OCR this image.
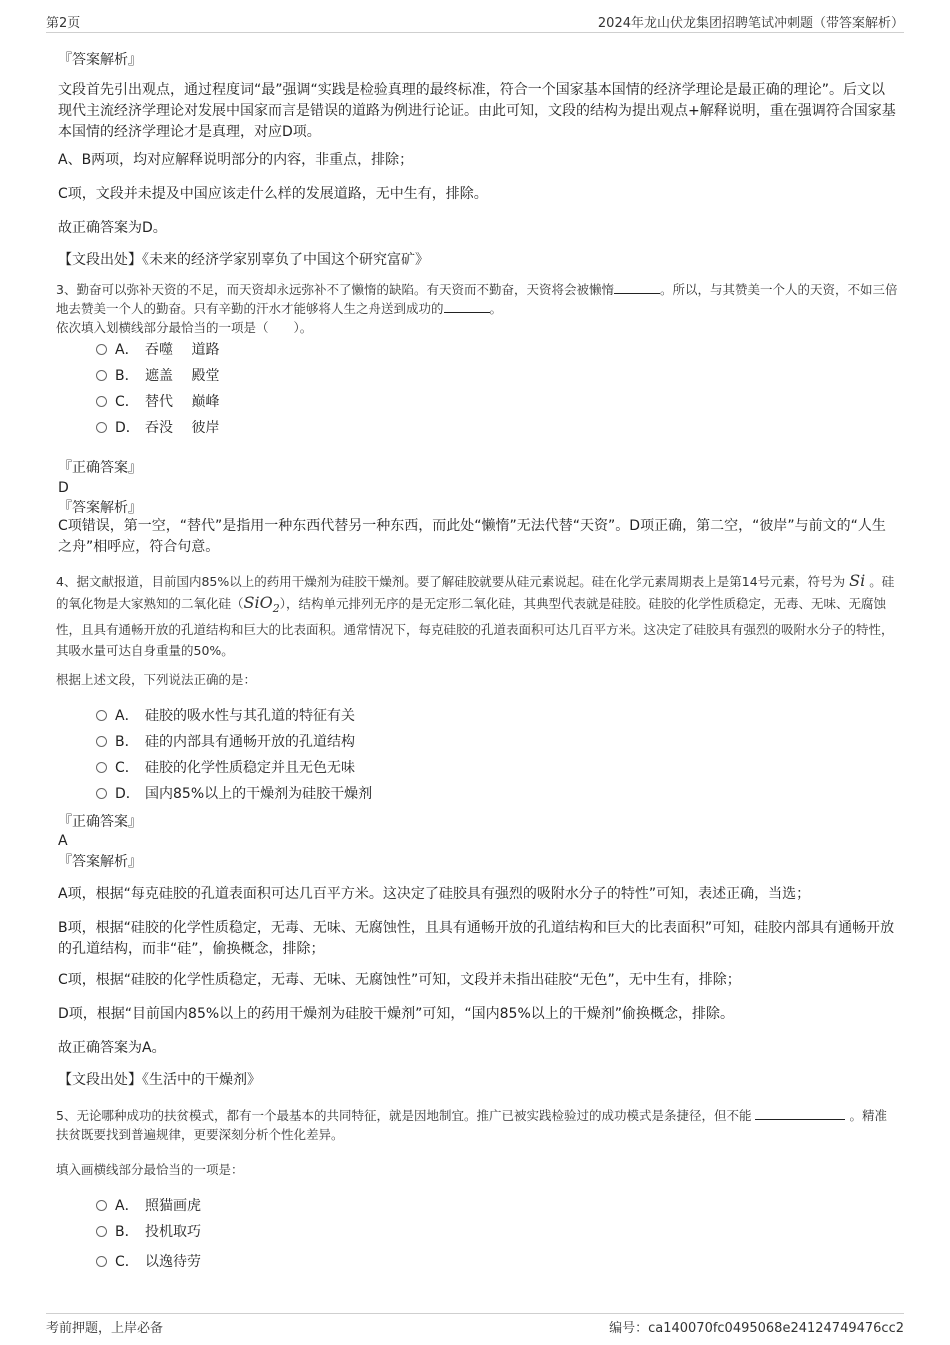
第2页	2024年龙山伏龙集团招聘笔试冲刺题（带答案解析）
『答案解析』
文段首先引出观点，通过程度词“最”强调“实践是检验真理的最终标准，符合一个国家基本国情的经济学理论是最正确的理论”。后文以现代主流经济学理论对发展中国家而言是错误的道路为例进行论证。由此可知，文段的结构为提出观点+解释说明，重在强调符合国家基本国情的经济学理论才是真理，对应D项。
A、B两项，均对应解释说明部分的内容，非重点，排除；
C项，文段并未提及中国应该走什么样的发展道路，无中生有，排除。
故正确答案为D。
【文段出处】《未来的经济学家别辜负了中国这个研究富矿》
3、勤奋可以弥补天资的不足，而天资却永远弥补不了懒惰的缺陷。有天资而不勤奋，天资将会被懒惰	。所以，与其赞美一个人的天资，不如三倍地去赞美一个人的勤奋。只有辛勤的汗水才能够将人生之舟送到成功的	。
依次填入划横线部分最恰当的一项是（　　）。
A． 吞噬　 道路
B． 遮盖　 殿堂
C． 替代　 巅峰
D． 吞没　 彼岸
『正确答案』
D
『答案解析』
C项错误，第一空，“替代”是指用一种东西代替另一种东西，而此处“懒惰”无法代替“天资”。D项正确，第二空，“彼岸”与前文的“人生之舟”相呼应，符合句意。
4、据文献报道，目前国内85%以上的药用干燥剂为硅胶干燥剂。要了解硅胶就要从硅元素说起。硅在化学元素周期表上是第14号元素，符号为 Si 。硅的氧化物是大家熟知的二氧化硅（SiO$_2$），结构单元排列无序的是无定形二氧化硅，其典型代表就是硅胶。硅胶的化学性质稳定，无毒、无味、无腐蚀性，且具有通畅开放的孔道结构和巨大的比表面积。通常情况下，每克硅胶的孔道表面积可达几百平方米。这决定了硅胶具有强烈的吸附水分子的特性，其吸水量可达自身重量的50%。
根据上述文段，下列说法正确的是：
A． 硅胶的吸水性与其孔道的特征有关
B． 硅的内部具有通畅开放的孔道结构
C． 硅胶的化学性质稳定并且无色无味
D． 国内85%以上的干燥剂为硅胶干燥剂
『正确答案』
A
『答案解析』
A项，根据“每克硅胶的孔道表面积可达几百平方米。这决定了硅胶具有强烈的吸附水分子的特性”可知，表述正确，当选；
B项，根据“硅胶的化学性质稳定，无毒、无味、无腐蚀性，且具有通畅开放的孔道结构和巨大的比表面积”可知，硅胶内部具有通畅开放的孔道结构，而非“硅”，偷换概念，排除；
C项，根据“硅胶的化学性质稳定，无毒、无味、无腐蚀性”可知，文段并未指出硅胶“无色”，无中生有，排除；
D项，根据“目前国内85%以上的药用干燥剂为硅胶干燥剂”可知，“国内85%以上的干燥剂”偷换概念，排除。
故正确答案为A。
【文段出处】《生活中的干燥剂》
5、无论哪种成功的扶贫模式，都有一个最基本的共同特征，就是因地制宜。推广已被实践检验过的成功模式是条捷径，但不能	。精准扶贫既要找到普遍规律，更要深刻分析个性化差异。
填入画横线部分最恰当的一项是：
A． 照猫画虎
B． 投机取巧
C． 以逸待劳
考前押题，上岸必备	编号：ca140070fc0495068e24124749476cc2
